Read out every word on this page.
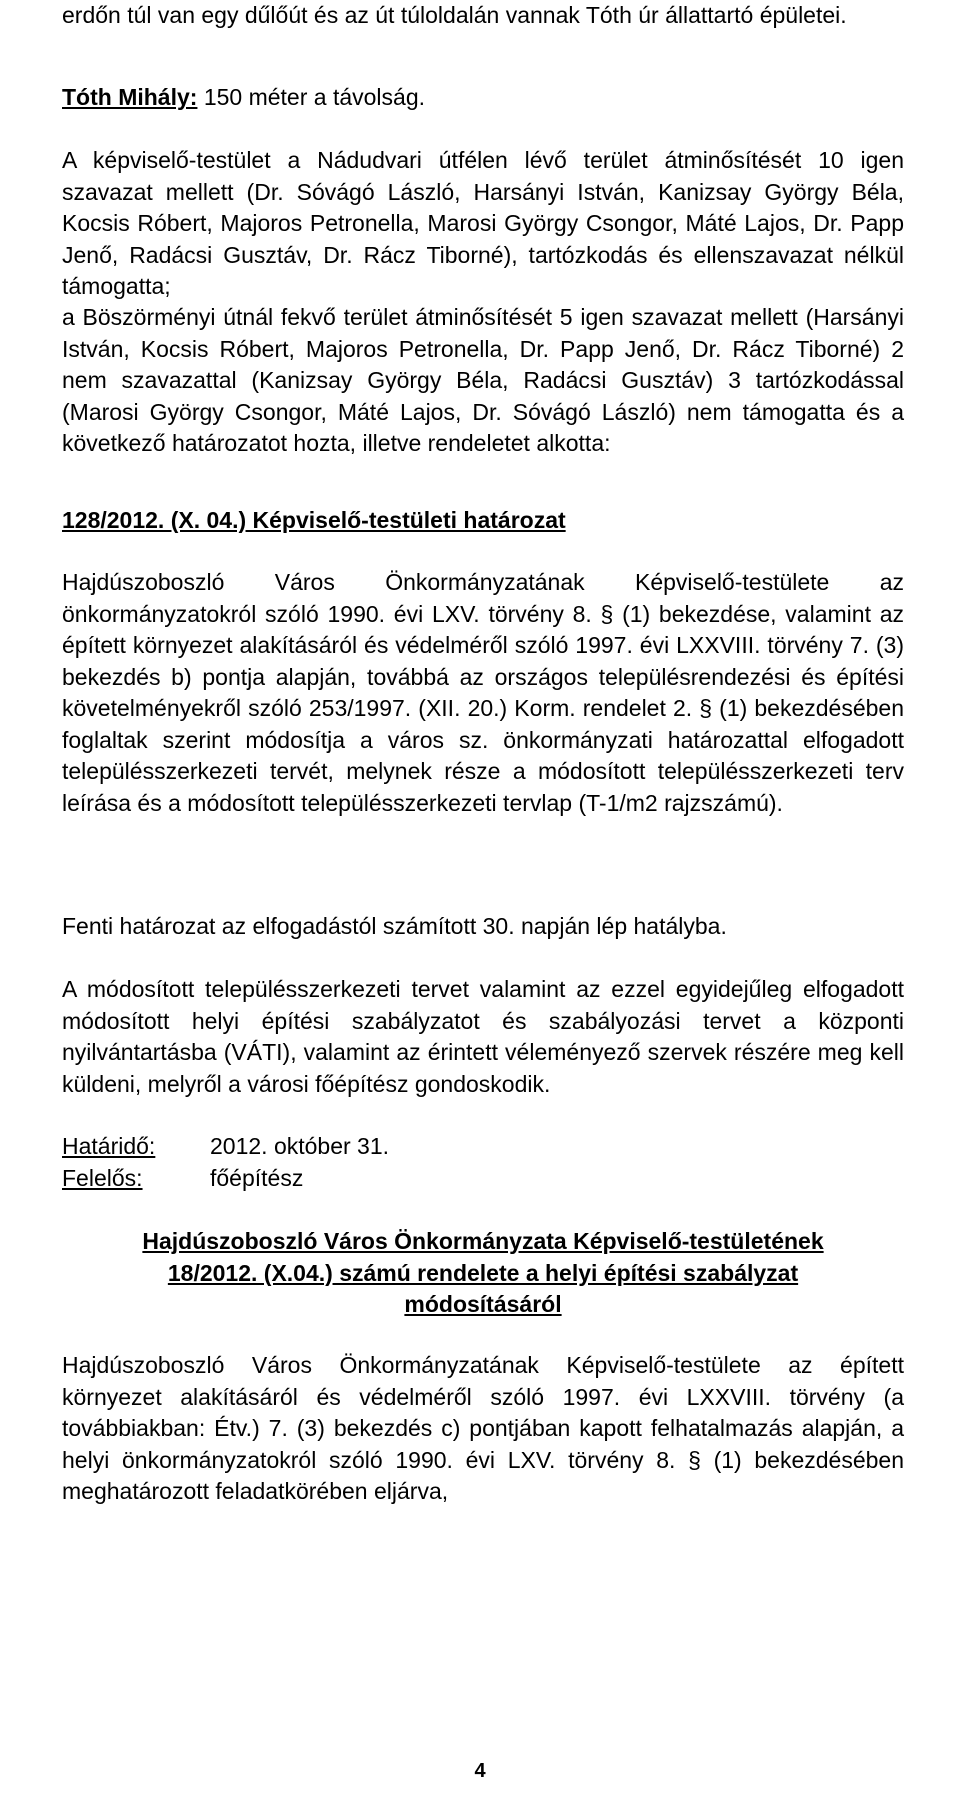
erdőn túl van egy dűlőút és az út túloldalán vannak Tóth úr állattartó épületei.

Tóth Mihály: 150 méter a távolság.

A képviselő-testület a Nádudvari útfélen lévő terület átminősítését 10 igen szavazat mellett (Dr. Sóvágó László, Harsányi István, Kanizsay György Béla, Kocsis Róbert, Majoros Petronella, Marosi György Csongor, Máté Lajos, Dr. Papp Jenő, Radácsi Gusztáv, Dr. Rácz Tiborné), tartózkodás és ellenszavazat nélkül támogatta;

a Böszörményi útnál fekvő terület átminősítését 5 igen szavazat mellett (Harsányi István, Kocsis Róbert, Majoros Petronella, Dr. Papp Jenő, Dr. Rácz Tiborné) 2 nem szavazattal (Kanizsay György Béla, Radácsi Gusztáv) 3 tartózkodással (Marosi György Csongor, Máté Lajos, Dr. Sóvágó László) nem támogatta és a következő határozatot hozta, illetve rendeletet alkotta:

128/2012. (X. 04.) Képviselő-testületi határozat

Hajdúszoboszló Város Önkormányzatának Képviselő-testülete az önkormányzatokról szóló 1990. évi LXV. törvény 8. § (1) bekezdése, valamint az épített környezet alakításáról és védelméről szóló 1997. évi LXXVIII. törvény 7. (3) bekezdés b) pontja alapján, továbbá az országos településrendezési és építési követelményekről szóló 253/1997. (XII. 20.) Korm. rendelet 2. § (1) bekezdésében foglaltak szerint módosítja a város sz. önkormányzati határozattal elfogadott településszerkezeti tervét, melynek része a módosított településszerkezeti terv leírása és a módosított településszerkezeti tervlap (T-1/m2 rajzszámú).

Fenti határozat az elfogadástól számított 30. napján lép hatályba.

A módosított településszerkezeti tervet valamint az ezzel egyidejűleg elfogadott módosított helyi építési szabályzatot és szabályozási tervet a központi nyilvántartásba (VÁTI), valamint az érintett véleményező szervek részére meg kell küldeni, melyről a városi főépítész gondoskodik.

Határidő:	2012. október 31.
Felelős:	főépítész
Hajdúszoboszló Város Önkormányzata Képviselő-testületének
18/2012. (X.04.) számú rendelete a helyi építési szabályzat
módosításáról

Hajdúszoboszló Város Önkormányzatának Képviselő-testülete az épített környezet alakításáról és védelméről szóló 1997. évi LXXVIII. törvény (a továbbiakban: Étv.) 7. (3) bekezdés c) pontjában kapott felhatalmazás alapján, a helyi önkormányzatokról szóló 1990. évi LXV. törvény 8. § (1) bekezdésében meghatározott feladatkörében eljárva,

4
